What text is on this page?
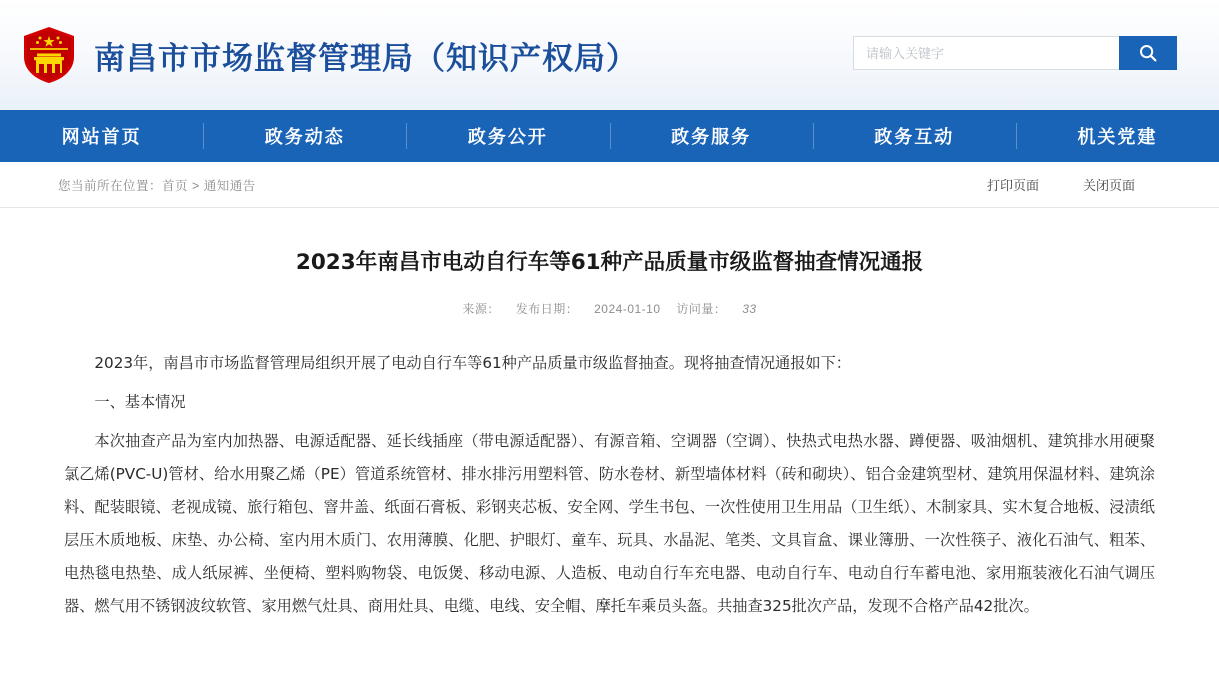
南昌市市场监督管理局（知识产权局）
请输入关键字
网站首页	政务动态	政务公开	政务服务	政务互动	机关党建
您当前所在位置：首页 > 通知通告	打印页面	关闭页面
2023年南昌市电动自行车等61种产品质量市级监督抽查情况通报
来源： 发布日期： 2024-01-10 访问量： 33

2023年，南昌市市场监督管理局组织开展了电动自行车等61种产品质量市级监督抽查。现将抽查情况通报如下：

一、基本情况

本次抽查产品为室内加热器、电源适配器、延长线插座（带电源适配器）、有源音箱、空调器（空调）、快热式电热水器、蹲便器、吸油烟机、建筑排水用硬聚氯乙烯(PVC-U)管材、给水用聚乙烯（PE）管道系统管材、排水排污用塑料管、防水卷材、新型墙体材料（砖和砌块）、铝合金建筑型材、建筑用保温材料、建筑涂料、配装眼镜、老视成镜、旅行箱包、窨井盖、纸面石膏板、彩钢夹芯板、安全网、学生书包、一次性使用卫生用品（卫生纸）、木制家具、实木复合地板、浸渍纸层压木质地板、床垫、办公椅、室内用木质门、农用薄膜、化肥、护眼灯、童车、玩具、水晶泥、笔类、文具盲盒、课业簿册、一次性筷子、液化石油气、粗苯、电热毯电热垫、成人纸尿裤、坐便椅、塑料购物袋、电饭煲、移动电源、人造板、电动自行车充电器、电动自行车、电动自行车蓄电池、家用瓶装液化石油气调压器、燃气用不锈钢波纹软管、家用燃气灶具、商用灶具、电缆、电线、安全帽、摩托车乘员头盔。共抽查325批次产品，发现不合格产品42批次。
